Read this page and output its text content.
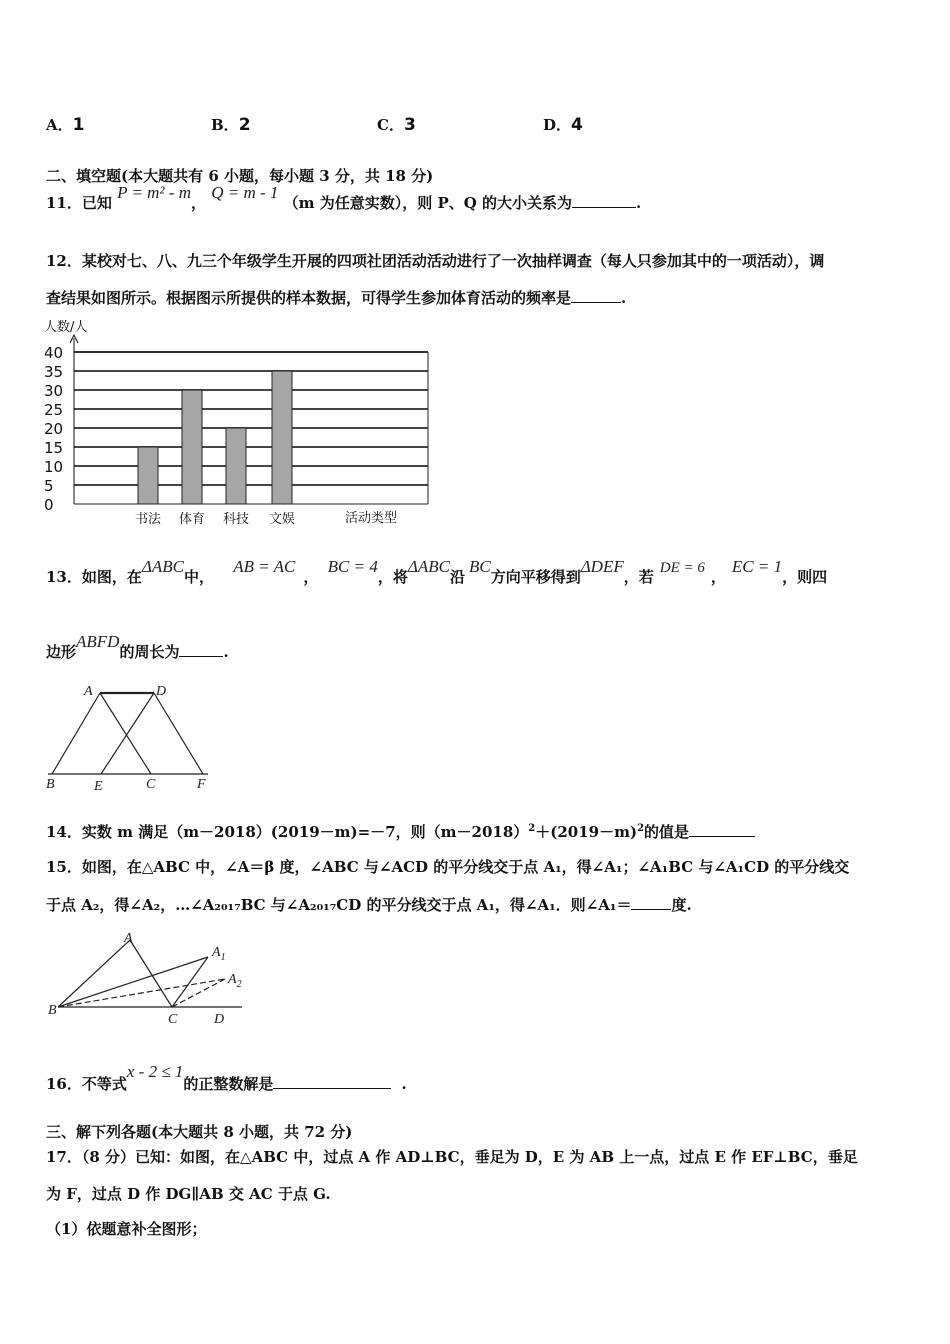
A．1	B．2	C．3	D．4
二、填空题(本大题共有 6 小题，每小题 3 分，共 18 分)
11．已知 P = m² - m， Q = m - 1 （m 为任意实数），则 P、Q 的大小关系为	.
12．某校对七、八、九三个年级学生开展的四项社团活动活动进行了一次抽样调查（每人只参加其中的一项活动），调
查结果如图所示。根据图示所提供的样本数据，可得学生参加体育活动的频率是	.
人数/人
0
5
10
15
20
25
30
35
40
书法 体育 科技 文娱	活动类型
13．如图，在ΔABC中， AB = AC， BC = 4，将ΔABC沿BC方向平移得到ΔDEF，若 DE = 6 ，EC = 1，则四
边形ABFD的周长为	.
A	D
B	E	C	F
14．实数 m 满足（m－2018）(2019－m)=－7，则$(m-2018)^2+(2019-m)^2$的值是
15．如图，在△ABC 中，∠A＝β 度，∠ABC 与∠ACD 的平分线交于点 A₁，得∠A₁；∠A₁BC 与∠A₁CD 的平分线交
于点 A₂，得∠A₂，…∠A₂₀₁₇BC 与∠A₂₀₁₇CD 的平分线交于点 A₁，得∠A₁．则∠A₁＝	度.
A
$A_1$
$A_2$
B
C	D
16．不等式x - 2 ≤ 1的正整数解是	.
三、解下列各题(本大题共 8 小题，共 72 分)
17．（8 分）已知：如图，在△ABC 中，过点 A 作 AD⊥BC，垂足为 D，E 为 AB 上一点，过点 E 作 EF⊥BC，垂足
为 F，过点 D 作 DG∥AB 交 AC 于点 G.
（1）依题意补全图形；
